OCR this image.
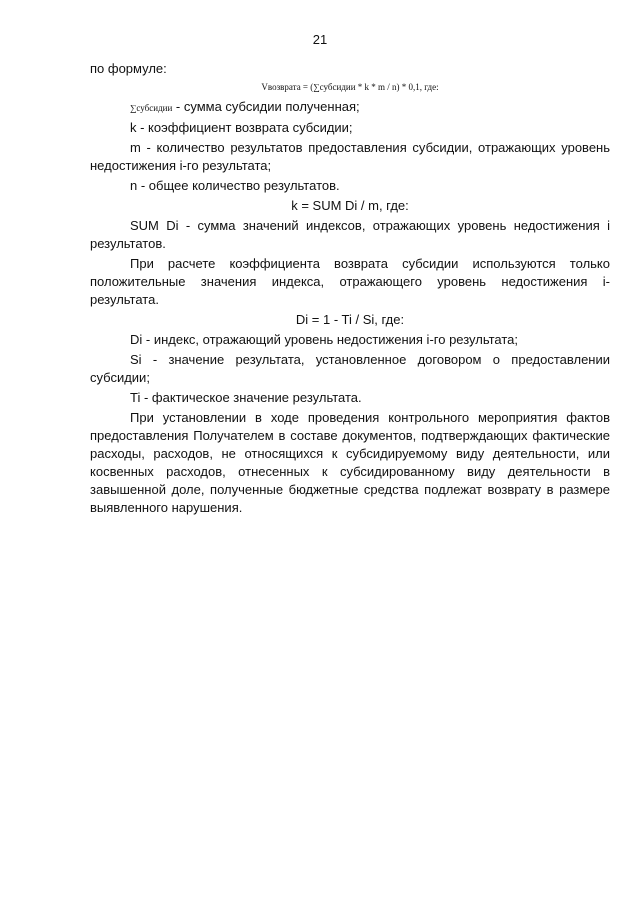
21

по формуле:

Vвозврата = (∑субсидии * k * m / n) * 0,1, где:

∑субсидии - сумма субсидии полученная;

k - коэффициент возврата субсидии;

m - количество результатов предоставления субсидии, отражающих уровень недостижения i-го результата;

n - общее количество результатов.

k = SUM Di / m, где:

SUM Di - сумма значений индексов, отражающих уровень недостижения i результатов.

При расчете коэффициента возврата субсидии используются только положительные значения индекса, отражающего уровень недостижения i- результата.

Di = 1 - Ti / Si, где:

Di - индекс, отражающий уровень недостижения i-го результата;

Si - значение результата, установленное договором о предоставлении субсидии;

Ti - фактическое значение результата.

При установлении в ходе проведения контрольного мероприятия фактов предоставления Получателем в составе документов, подтверждающих фактические расходы, расходов, не относящихся к субсидируемому виду деятельности, или косвенных расходов, отнесенных к субсидированному виду деятельности в завышенной доле, полученные бюджетные средства подлежат возврату в размере выявленного нарушения.
